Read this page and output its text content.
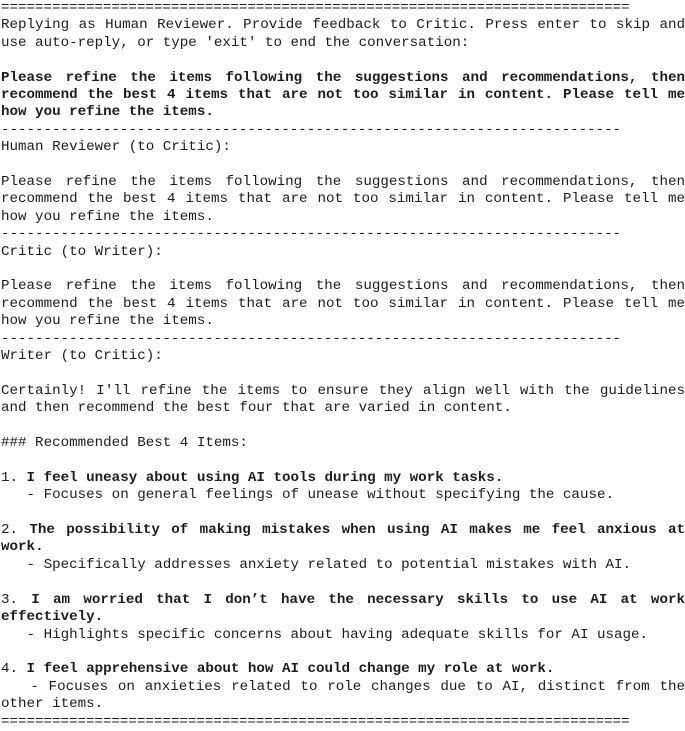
==========================================================================
Replying as Human Reviewer. Provide feedback to Critic. Press enter to skip and use auto-reply, or type 'exit' to end the conversation:
Please refine the items following the suggestions and recommendations, then recommend the best 4 items that are not too similar in content. Please tell me how you refine the items.
-------------------------------------------------------------------------
Human Reviewer (to Critic):
Please refine the items following the suggestions and recommendations, then recommend the best 4 items that are not too similar in content. Please tell me how you refine the items.
-------------------------------------------------------------------------
Critic (to Writer):
Please refine the items following the suggestions and recommendations, then recommend the best 4 items that are not too similar in content. Please tell me how you refine the items.
-------------------------------------------------------------------------
Writer (to Critic):
Certainly! I'll refine the items to ensure they align well with the guidelines and then recommend the best four that are varied in content.
### Recommended Best 4 Items:
1. I feel uneasy about using AI tools during my work tasks.
- Focuses on general feelings of unease without specifying the cause.
2. The possibility of making mistakes when using AI makes me feel anxious at work.
- Specifically addresses anxiety related to potential mistakes with AI.
3. I am worried that I don’t have the necessary skills to use AI at work effectively.
- Highlights specific concerns about having adequate skills for AI usage.
4. I feel apprehensive about how AI could change my role at work.
- Focuses on anxieties related to role changes due to AI, distinct from the other items.
==========================================================================
